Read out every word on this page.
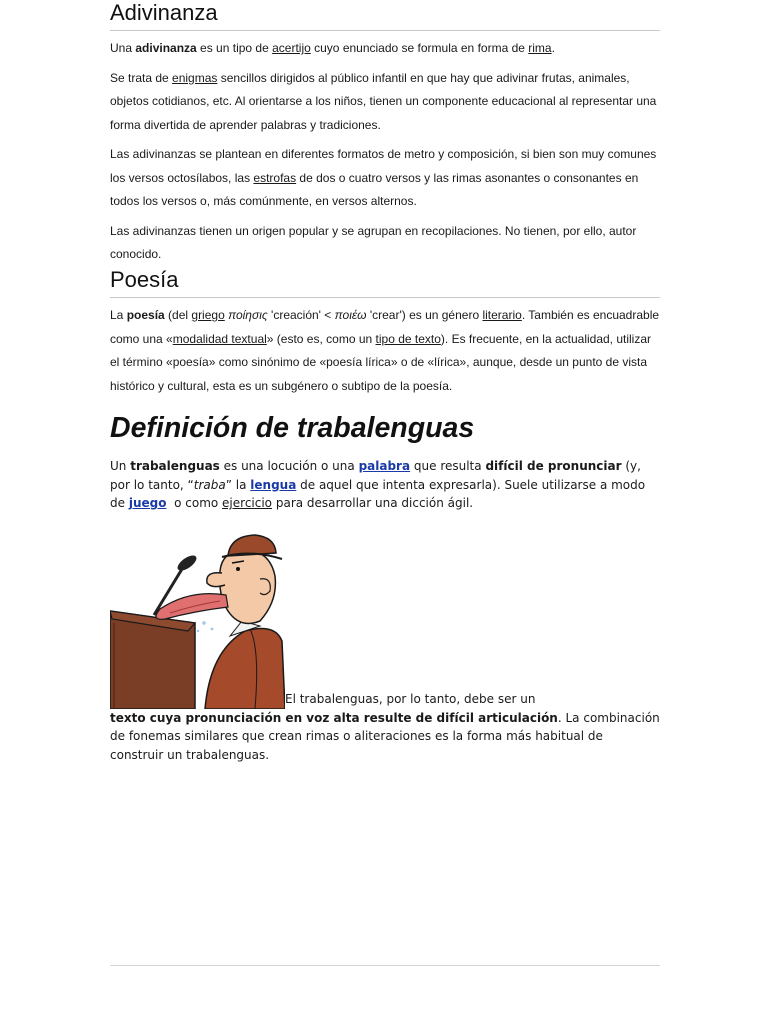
Adivinanza

Una adivinanza es un tipo de acertijo cuyo enunciado se formula en forma de rima.

Se trata de enigmas sencillos dirigidos al público infantil en que hay que adivinar frutas, animales, objetos cotidianos, etc. Al orientarse a los niños, tienen un componente educacional al representar una forma divertida de aprender palabras y tradiciones.

Las adivinanzas se plantean en diferentes formatos de metro y composición, si bien son muy comunes los versos octosílabos, las estrofas de dos o cuatro versos y las rimas asonantes o consonantes en todos los versos o, más comúnmente, en versos alternos.

Las adivinanzas tienen un origen popular y se agrupan en recopilaciones. No tienen, por ello, autor conocido.

Poesía

La poesía (del griego ποίησις 'creación' < ποιέω 'crear') es un género literario. También es encuadrable como una «modalidad textual» (esto es, como un tipo de texto). Es frecuente, en la actualidad, utilizar el término «poesía» como sinónimo de «poesía lírica» o de «lírica», aunque, desde un punto de vista histórico y cultural, esta es un subgénero o subtipo de la poesía.

Definición de trabalenguas

Un trabalenguas es una locución o una palabra que resulta difícil de pronunciar (y, por lo tanto, “traba” la lengua de aquel que intenta expresarla). Suele utilizarse a modo de juego  o como ejercicio para desarrollar una dicción ágil.

El trabalenguas, por lo tanto, debe ser un

texto cuya pronunciación en voz alta resulte de difícil articulación. La combinación de fonemas similares que crean rimas o aliteraciones es la forma más habitual de construir un trabalenguas.
